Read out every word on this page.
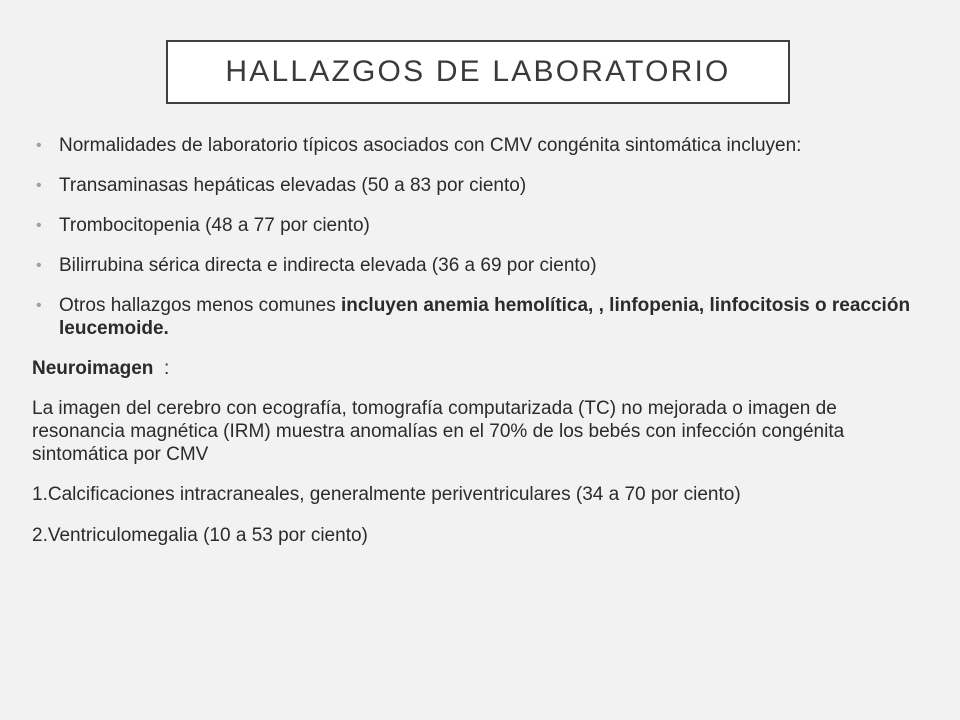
HALLAZGOS DE LABORATORIO
• Normalidades de laboratorio típicos asociados con CMV congénita sintomática incluyen:
• Transaminasas hepáticas elevadas (50 a 83 por ciento)
• Trombocitopenia (48 a 77 por ciento)
• Bilirrubina sérica directa e indirecta elevada (36 a 69 por ciento)
• Otros hallazgos menos comunes incluyen anemia hemolítica, , linfopenia, linfocitosis o reacción leucemoide.

Neuroimagen  :

La imagen del cerebro con ecografía, tomografía computarizada (TC) no mejorada o imagen de resonancia magnética (IRM) muestra anomalías en el 70% de los bebés con infección congénita sintomática por CMV

1.Calcificaciones intracraneales, generalmente periventriculares (34 a 70 por ciento)

2.Ventriculomegalia (10 a 53 por ciento)
